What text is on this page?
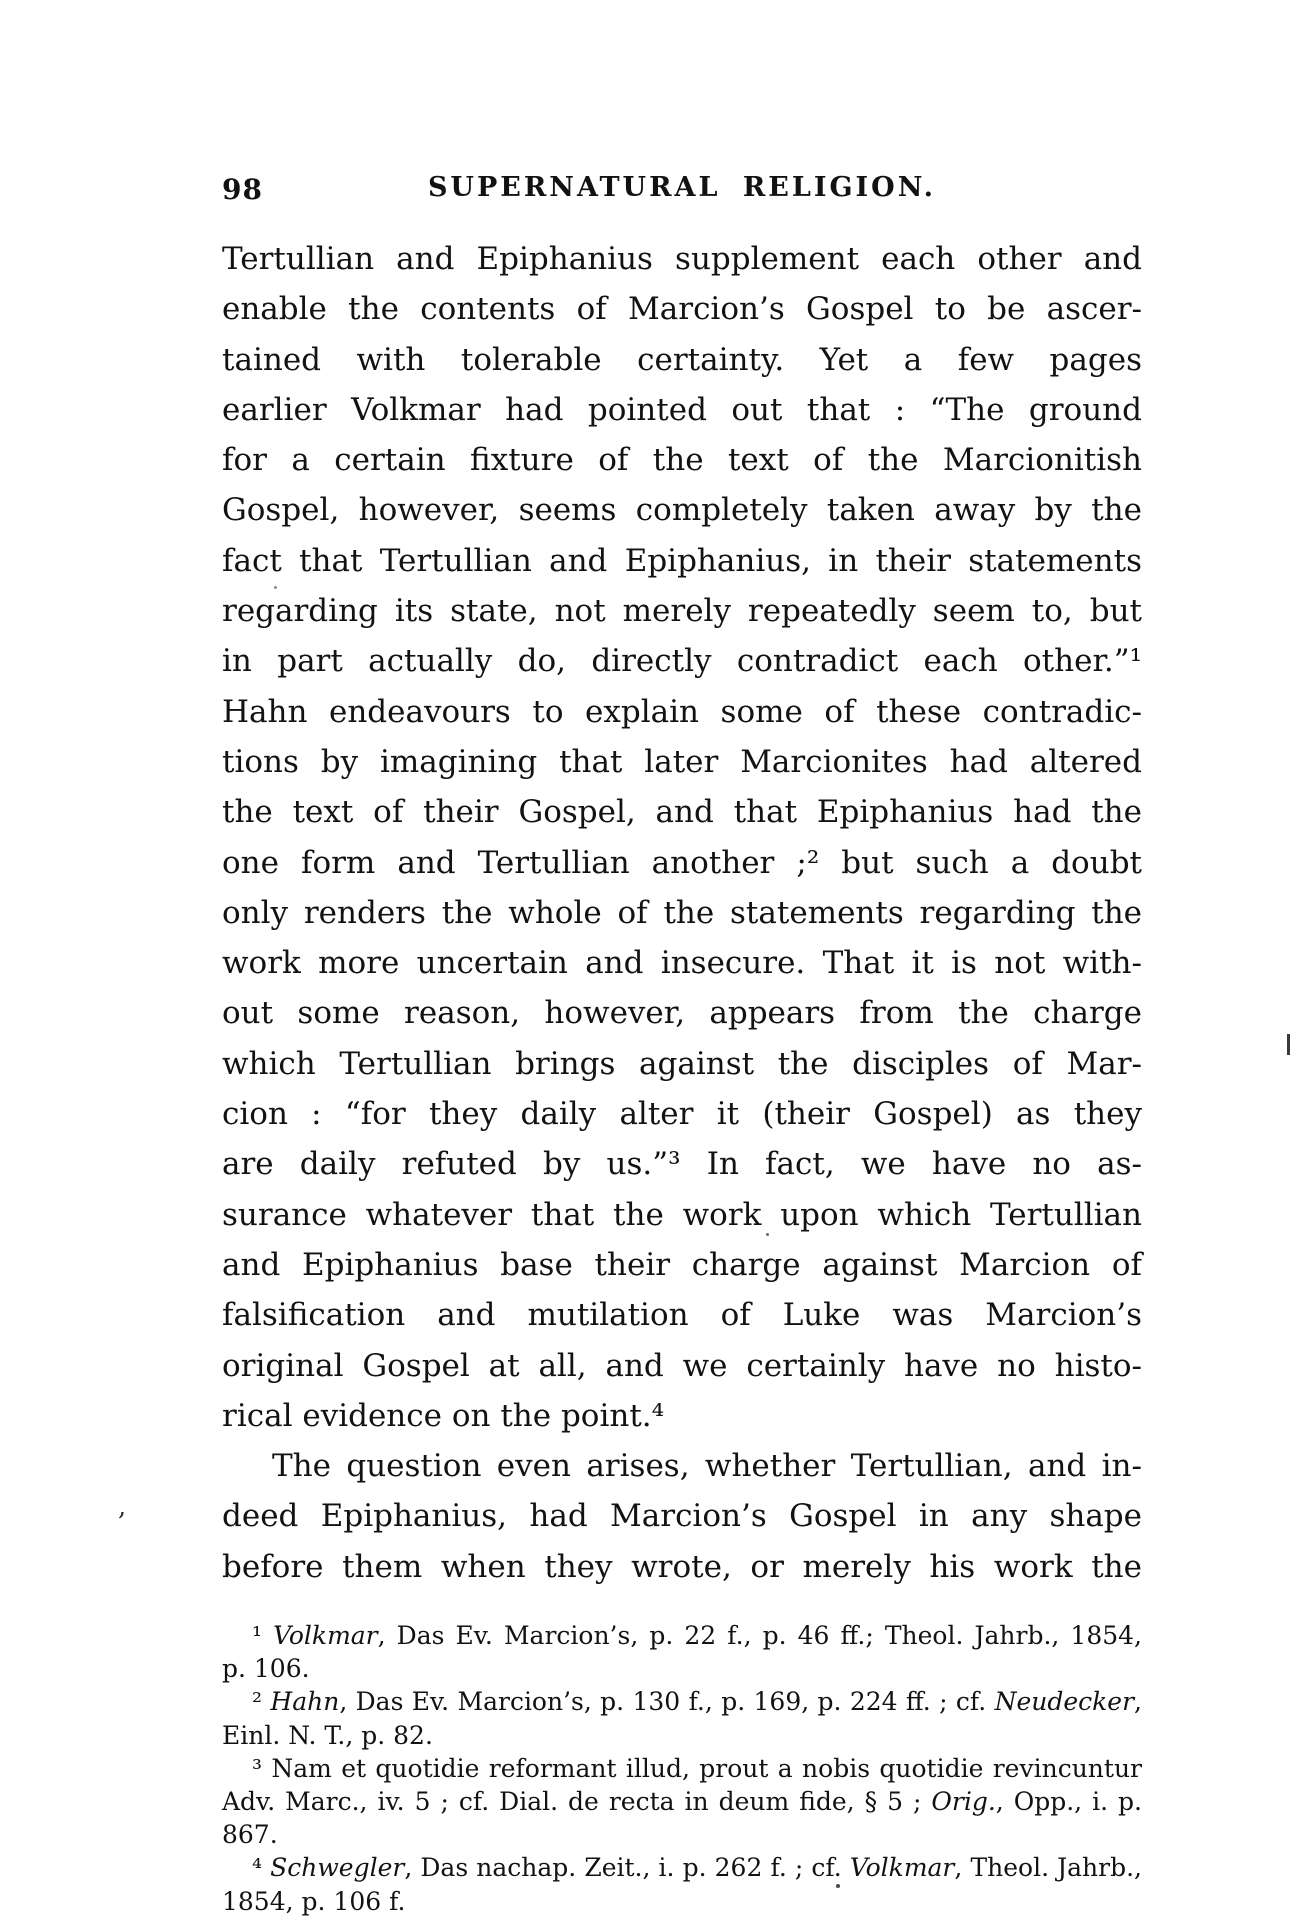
98	SUPERNATURAL RELIGION.
Tertullian and Epiphanius supplement each other and
enable the contents of Marcion’s Gospel to be ascer-
tained with tolerable certainty. Yet a few pages
earlier Volkmar had pointed out that : “The ground
for a certain fixture of the text of the Marcionitish
Gospel, however, seems completely taken away by the
fact that Tertullian and Epiphanius, in their statements
regarding its state, not merely repeatedly seem to, but
in part actually do, directly contradict each other.”¹
Hahn endeavours to explain some of these contradic-
tions by imagining that later Marcionites had altered
the text of their Gospel, and that Epiphanius had the
one form and Tertullian another ;² but such a doubt
only renders the whole of the statements regarding the
work more uncertain and insecure. That it is not with-
out some reason, however, appears from the charge
which Tertullian brings against the disciples of Mar-
cion : “for they daily alter it (their Gospel) as they
are daily refuted by us.”³ In fact, we have no as-
surance whatever that the work upon which Tertullian
and Epiphanius base their charge against Marcion of
falsification and mutilation of Luke was Marcion’s
original Gospel at all, and we certainly have no histo-
rical evidence on the point.⁴
The question even arises, whether Tertullian, and in-
deed Epiphanius, had Marcion’s Gospel in any shape
before them when they wrote, or merely his work the
¹ Volkmar, Das Ev. Marcion’s, p. 22 f., p. 46 ff.; Theol. Jahrb., 1854,
p. 106.
² Hahn, Das Ev. Marcion’s, p. 130 f., p. 169, p. 224 ff. ; cf. Neudecker,
Einl. N. T., p. 82.
³ Nam et quotidie reformant illud, prout a nobis quotidie revincuntur
Adv. Marc., iv. 5 ; cf. Dial. de recta in deum fide, § 5 ; Orig., Opp., i. p. 867.
⁴ Schwegler, Das nachap. Zeit., i. p. 262 f. ; cf. Volkmar, Theol. Jahrb.,
1854, p. 106 f.
,
